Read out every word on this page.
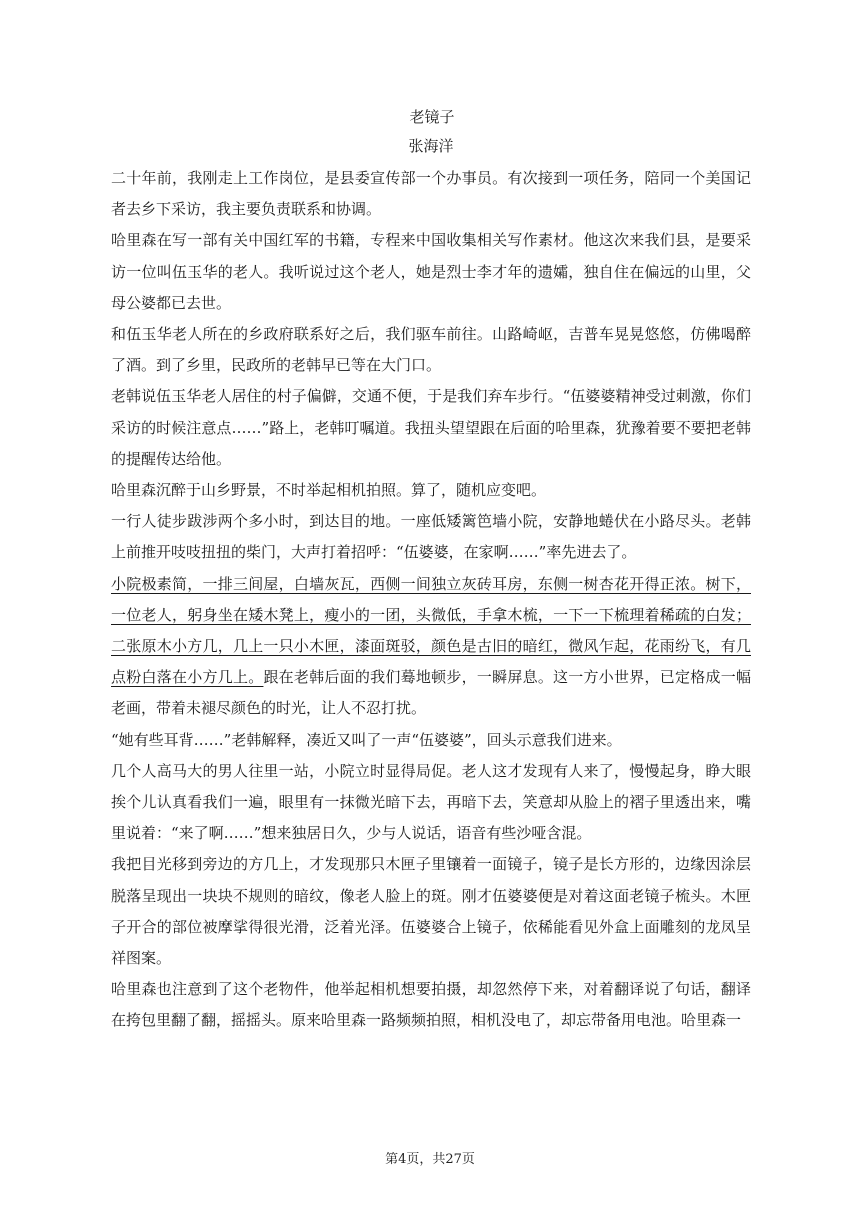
老镜子

张海洋

二十年前，我刚走上工作岗位，是县委宣传部一个办事员。有次接到一项任务，陪同一个美国记者去乡下采访，我主要负责联系和协调。

哈里森在写一部有关中国红军的书籍，专程来中国收集相关写作素材。他这次来我们县，是要采访一位叫伍玉华的老人。我听说过这个老人，她是烈士李才年的遗孀，独自住在偏远的山里，父母公婆都已去世。

和伍玉华老人所在的乡政府联系好之后，我们驱车前往。山路崎岖，吉普车晃晃悠悠，仿佛喝醉了酒。到了乡里，民政所的老韩早已等在大门口。

老韩说伍玉华老人居住的村子偏僻，交通不便，于是我们弃车步行。“伍婆婆精神受过刺激，你们采访的时候注意点……”路上，老韩叮嘱道。我扭头望望跟在后面的哈里森，犹豫着要不要把老韩的提醒传达给他。

哈里森沉醉于山乡野景，不时举起相机拍照。算了，随机应变吧。

一行人徒步跋涉两个多小时，到达目的地。一座低矮篱笆墙小院，安静地蜷伏在小路尽头。老韩上前推开吱吱扭扭的柴门，大声打着招呼：“伍婆婆，在家啊……”率先进去了。

小院极素简，一排三间屋，白墙灰瓦，西侧一间独立灰砖耳房，东侧一树杏花开得正浓。树下，一位老人，躬身坐在矮木凳上，瘦小的一团，头微低，手拿木梳，一下一下梳理着稀疏的白发；二张原木小方几，几上一只小木匣，漆面斑驳，颜色是古旧的暗红，微风乍起，花雨纷飞，有几点粉白落在小方几上。跟在老韩后面的我们蓦地顿步，一瞬屏息。这一方小世界，已定格成一幅老画，带着未褪尽颜色的时光，让人不忍打扰。

“她有些耳背……”老韩解释，凑近又叫了一声“伍婆婆”，回头示意我们进来。

几个人高马大的男人往里一站，小院立时显得局促。老人这才发现有人来了，慢慢起身，睁大眼挨个儿认真看我们一遍，眼里有一抹微光暗下去，再暗下去，笑意却从脸上的褶子里透出来，嘴里说着：“来了啊……”想来独居日久，少与人说话，语音有些沙哑含混。

我把目光移到旁边的方几上，才发现那只木匣子里镶着一面镜子，镜子是长方形的，边缘因涂层脱落呈现出一块块不规则的暗纹，像老人脸上的斑。刚才伍婆婆便是对着这面老镜子梳头。木匣子开合的部位被摩挲得很光滑，泛着光泽。伍婆婆合上镜子，依稀能看见外盒上面雕刻的龙凤呈祥图案。

哈里森也注意到了这个老物件，他举起相机想要拍摄，却忽然停下来，对着翻译说了句话，翻译在挎包里翻了翻，摇摇头。原来哈里森一路频频拍照，相机没电了，却忘带备用电池。哈里森一

第4页，共27页
